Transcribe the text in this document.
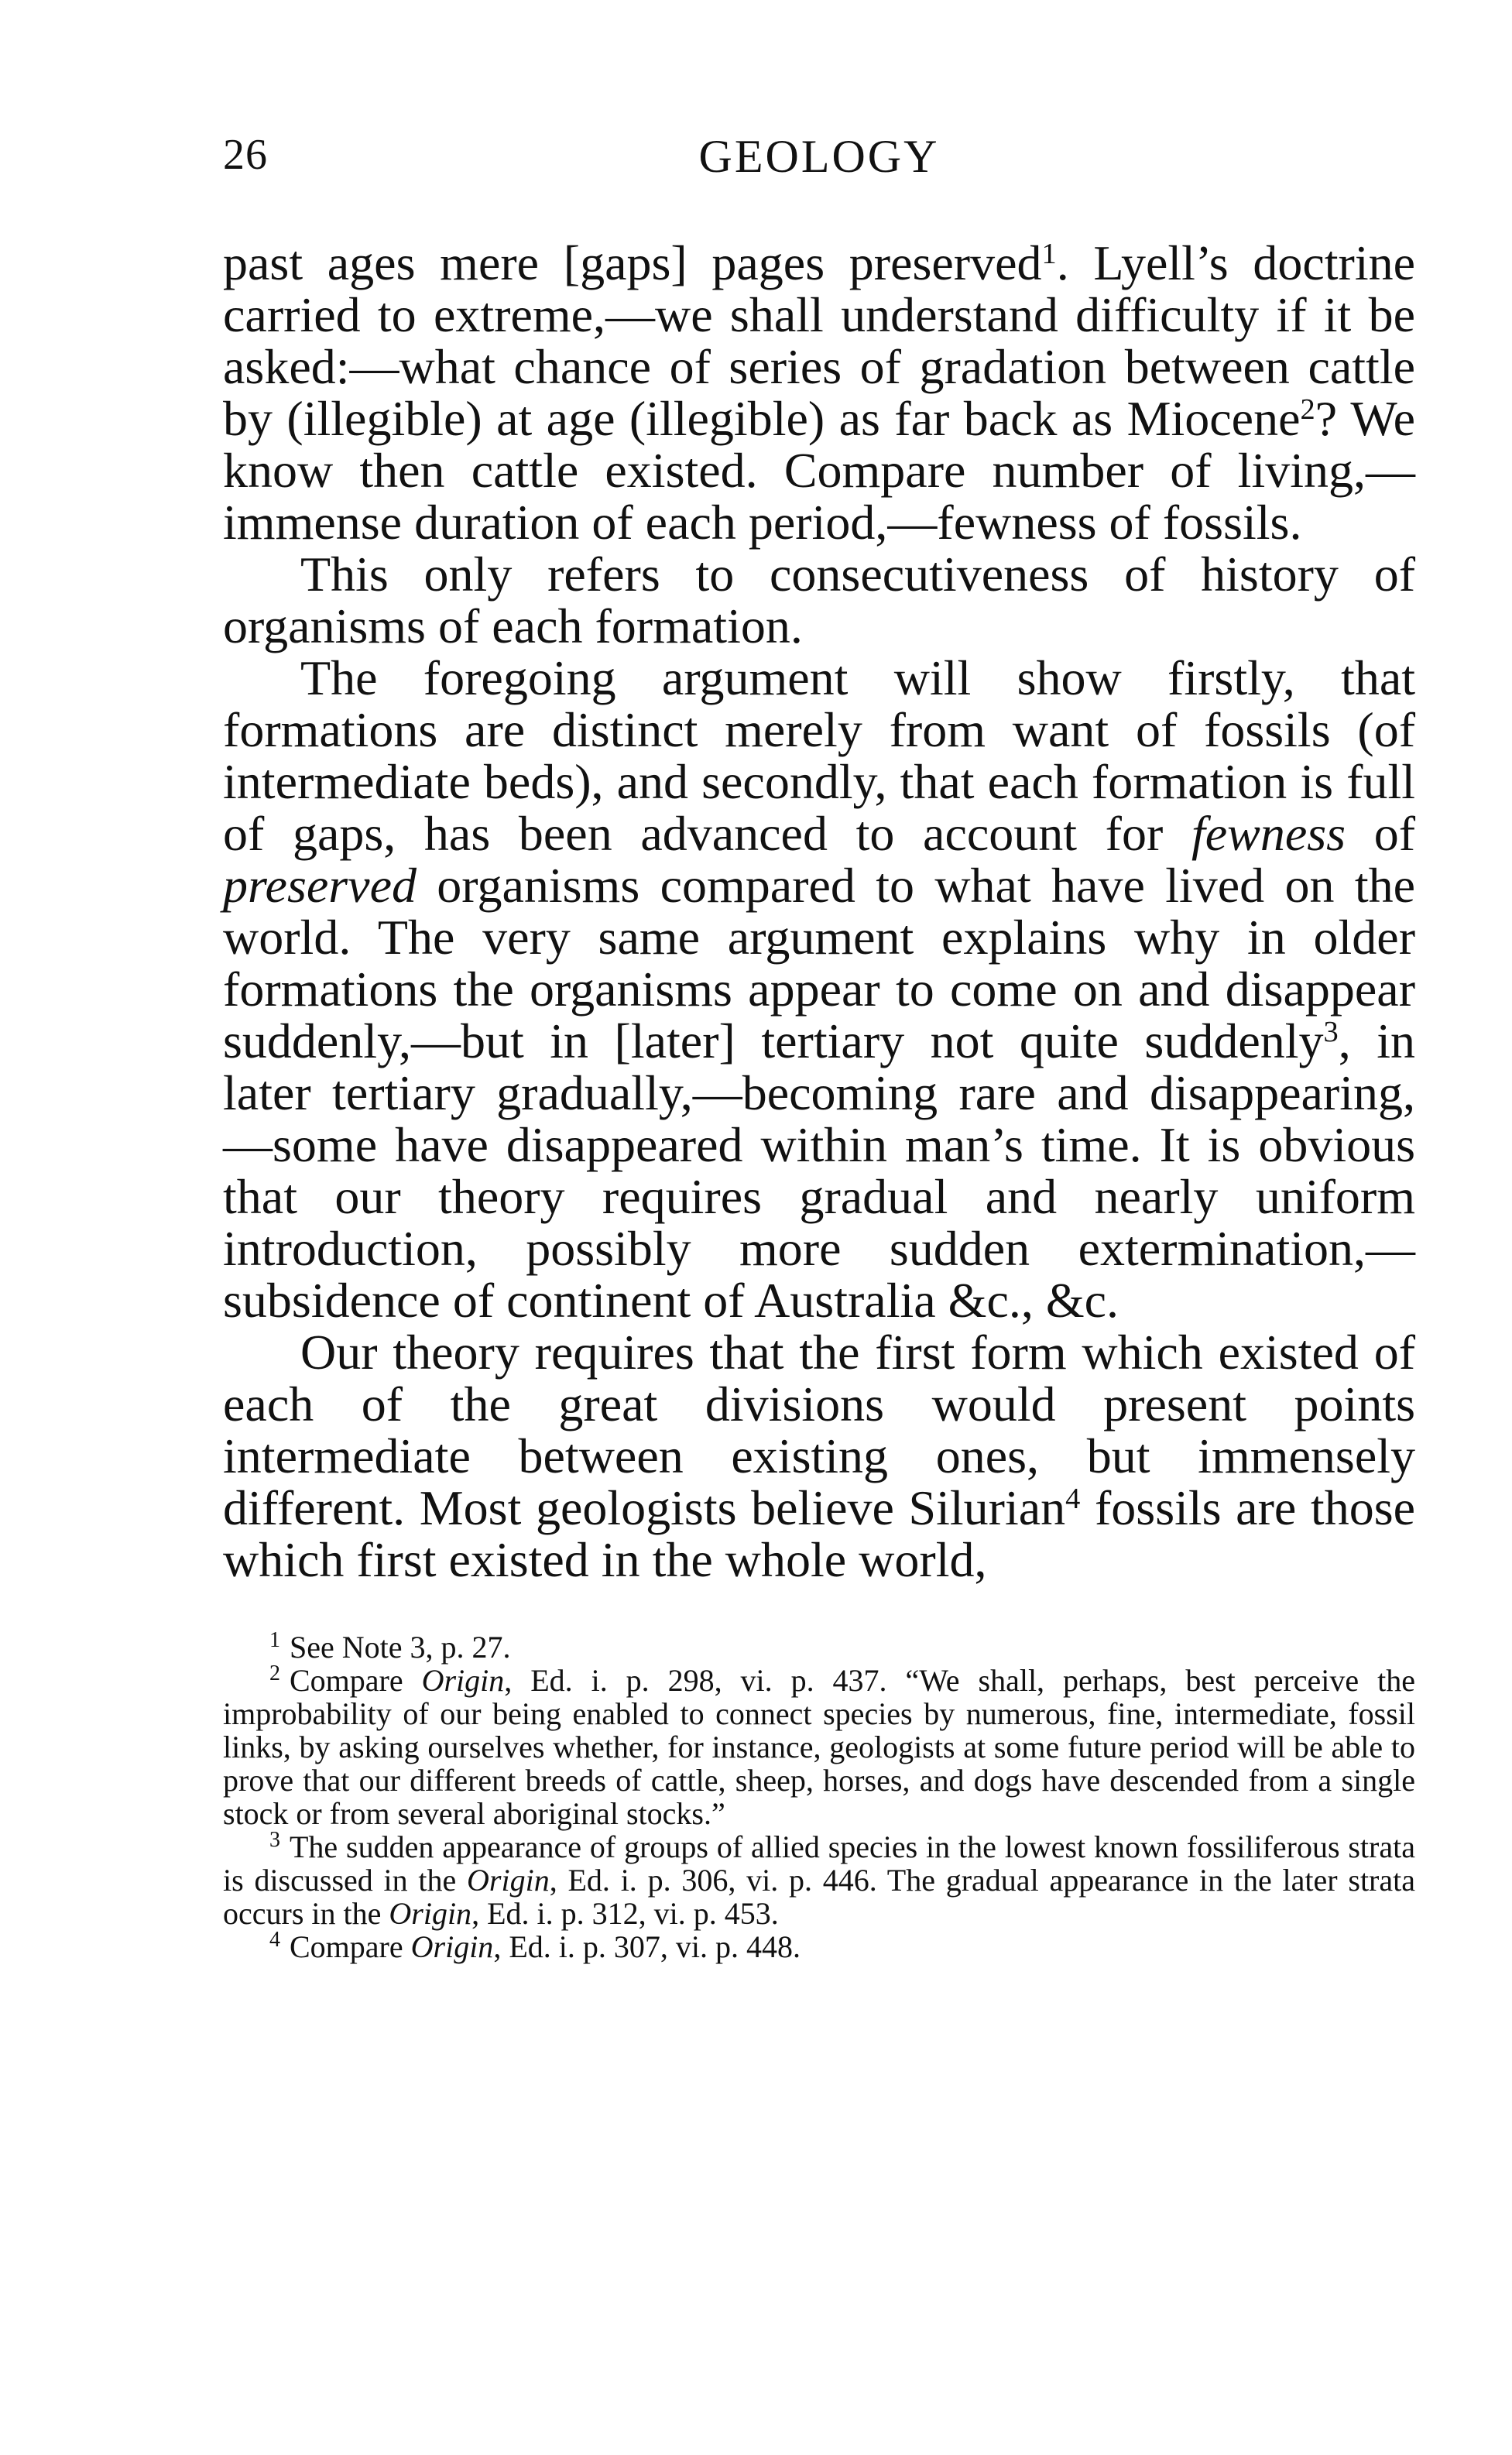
26	GEOLOGY

past ages mere [gaps] pages preserved$^1$. Lyell’s doctrine carried to extreme,—we shall understand difficulty if it be asked:—what chance of series of gradation between cattle by (illegible) at age (illegible) as far back as Miocene$^2$? We know then cattle existed. Compare number of living,—immense duration of each period,—fewness of fossils.

This only refers to consecutiveness of history of organisms of each formation.

The foregoing argument will show firstly, that formations are distinct merely from want of fossils (of intermediate beds), and secondly, that each formation is full of gaps, has been advanced to account for fewness of preserved organisms compared to what have lived on the world. The very same argument explains why in older formations the organisms appear to come on and disappear suddenly,—but in [later] tertiary not quite suddenly$^3$, in later tertiary gradually,—becoming rare and disappearing,—some have disappeared within man’s time. It is obvious that our theory requires gradual and nearly uniform introduction, possibly more sudden extermination,—subsidence of continent of Australia &c., &c.

Our theory requires that the first form which existed of each of the great divisions would present points intermediate between existing ones, but immensely different. Most geologists believe Silurian$^4$ fossils are those which first existed in the whole world,

$^1$ See Note 3, p. 27.

$^2$ Compare Origin, Ed. i. p. 298, vi. p. 437. “We shall, perhaps, best perceive the improbability of our being enabled to connect species by numerous, fine, intermediate, fossil links, by asking ourselves whether, for instance, geologists at some future period will be able to prove that our different breeds of cattle, sheep, horses, and dogs have descended from a single stock or from several aboriginal stocks.”

$^3$ The sudden appearance of groups of allied species in the lowest known fossiliferous strata is discussed in the Origin, Ed. i. p. 306, vi. p. 446. The gradual appearance in the later strata occurs in the Origin, Ed. i. p. 312, vi. p. 453.

$^4$ Compare Origin, Ed. i. p. 307, vi. p. 448.
